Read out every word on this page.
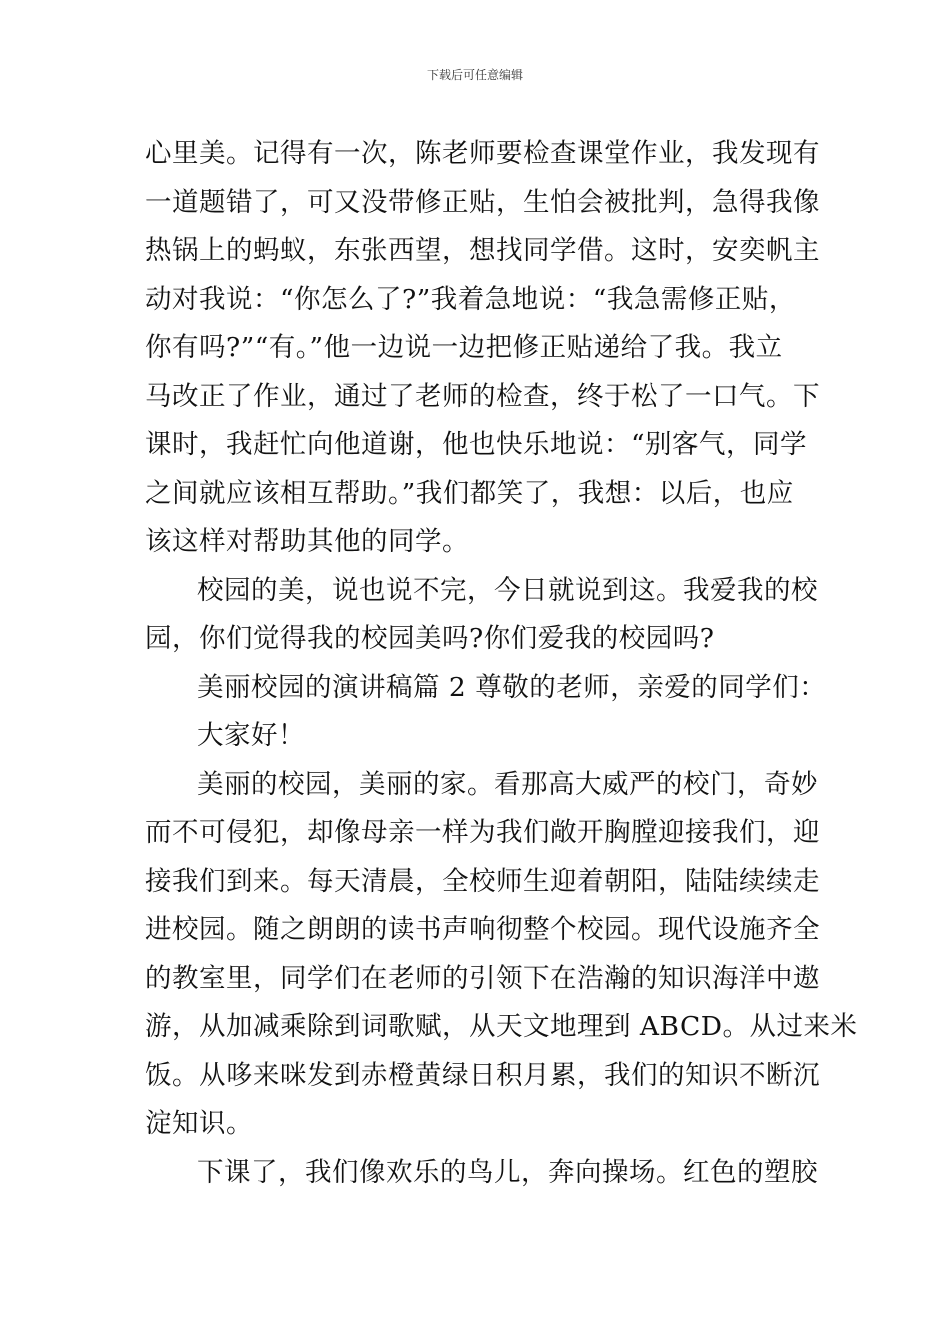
下载后可任意编辑
心里美。记得有一次，陈老师要检查课堂作业，我发现有
一道题错了，可又没带修正贴，生怕会被批判，急得我像
热锅上的蚂蚁，东张西望，想找同学借。这时，安奕帆主
动对我说：“你怎么了?”我着急地说：“我急需修正贴，
你有吗?”“有。”他一边说一边把修正贴递给了我。我立
马改正了作业，通过了老师的检查，终于松了一口气。下
课时，我赶忙向他道谢，他也快乐地说：“别客气，同学
之间就应该相互帮助。”我们都笑了，我想：以后，也应
该这样对帮助其他的同学。
校园的美，说也说不完，今日就说到这。我爱我的校
园，你们觉得我的校园美吗?你们爱我的校园吗?
美丽校园的演讲稿篇 2 尊敬的老师，亲爱的同学们：
大家好！
美丽的校园，美丽的家。看那高大威严的校门，奇妙
而不可侵犯，却像母亲一样为我们敞开胸膛迎接我们，迎
接我们到来。每天清晨，全校师生迎着朝阳，陆陆续续走
进校园。随之朗朗的读书声响彻整个校园。现代设施齐全
的教室里，同学们在老师的引领下在浩瀚的知识海洋中遨
游，从加减乘除到词歌赋，从天文地理到 ABCD。从过来米
饭。从哆来咪发到赤橙黄绿日积月累，我们的知识不断沉
淀知识。
下课了，我们像欢乐的鸟儿，奔向操场。红色的塑胶
